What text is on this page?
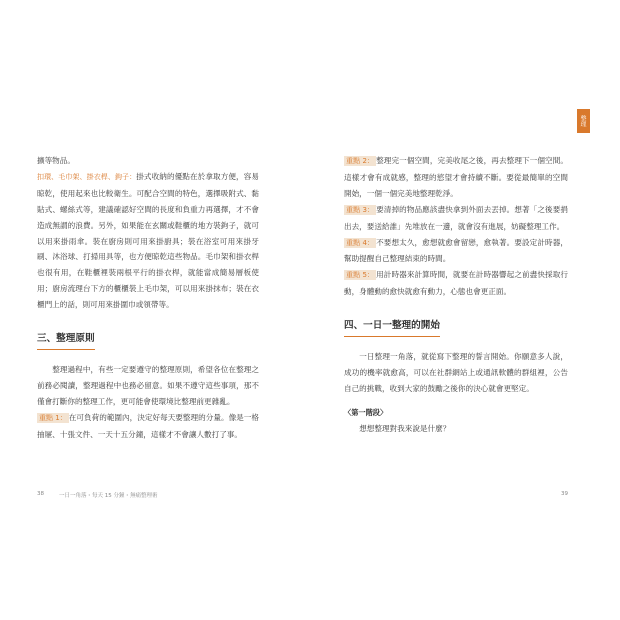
擴等物品。

扣環、毛巾架、掛衣桿、鉤子：掛式收納的優點在於拿取方便，容易晾乾，使用起來也比較衛生。可配合空間的特色，選擇吸附式、黏貼式、螺絲式等，建議確認好空間的長度和負重力再選擇，才不會造成無謂的浪費。另外，如果能在玄關或鞋櫃的地方裝鉤子，就可以用來掛雨傘。裝在廚房則可用來掛廚具；裝在浴室可用來掛牙刷、沐浴球、打掃用具等，也方便晾乾這些物品。毛巾架和掛衣桿也很有用，在鞋櫃裡裝兩根平行的掛衣桿，就能當成簡易層板使用；廚房流理台下方的櫃櫃裝上毛巾架，可以用來掛抹布；裝在衣櫃門上的話，則可用來掛圍巾或領帶等。

三、整理原則

整理過程中，有些一定要遵守的整理原則，希望各位在整理之前務必閱讀，整理過程中也務必留意。如果不遵守這些事項，那不僅會打斷你的整理工作，更可能會使環境比整理前更雜亂。

重點 1： 在可負荷的範圍內，決定好每天要整理的分量。像是一格抽屜、十張文件、一天十五分鐘，這樣才不會讓人數打了事。

38	一日一角落・每天 15 分鐘・無痛整理術
整理

重點 2： 整理完一個空間，完美收尾之後，再去整理下一個空間。這樣才會有成就感，整理的慾望才會持續不斷。要從最簡單的空間開始，一個一個完美地整理乾淨。

重點 3： 要清掉的物品應該盡快拿到外面去丟掉。想著「之後要捐出去，要送給誰」先堆放在一邊，就會沒有進展，妨礙整理工作。

重點 4： 不要想太久，愈想就愈會留戀，愈執著。要設定計時器，幫助提醒自己整理結束的時間。

重點 5： 用計時器來計算時間，就要在計時器響起之前盡快採取行動，身體動的愈快就愈有動力，心態也會更正面。

四、一日一整理的開始

一日整理一角落，就從寫下整理的誓言開始。你願意多人說，成功的機率就愈高，可以在社群網站上或通訊軟體的群組裡，公告自己的挑戰，收到大家的鼓勵之後你的決心就會更堅定。

〈第一階段〉

想想整理對我來說是什麼？

39
